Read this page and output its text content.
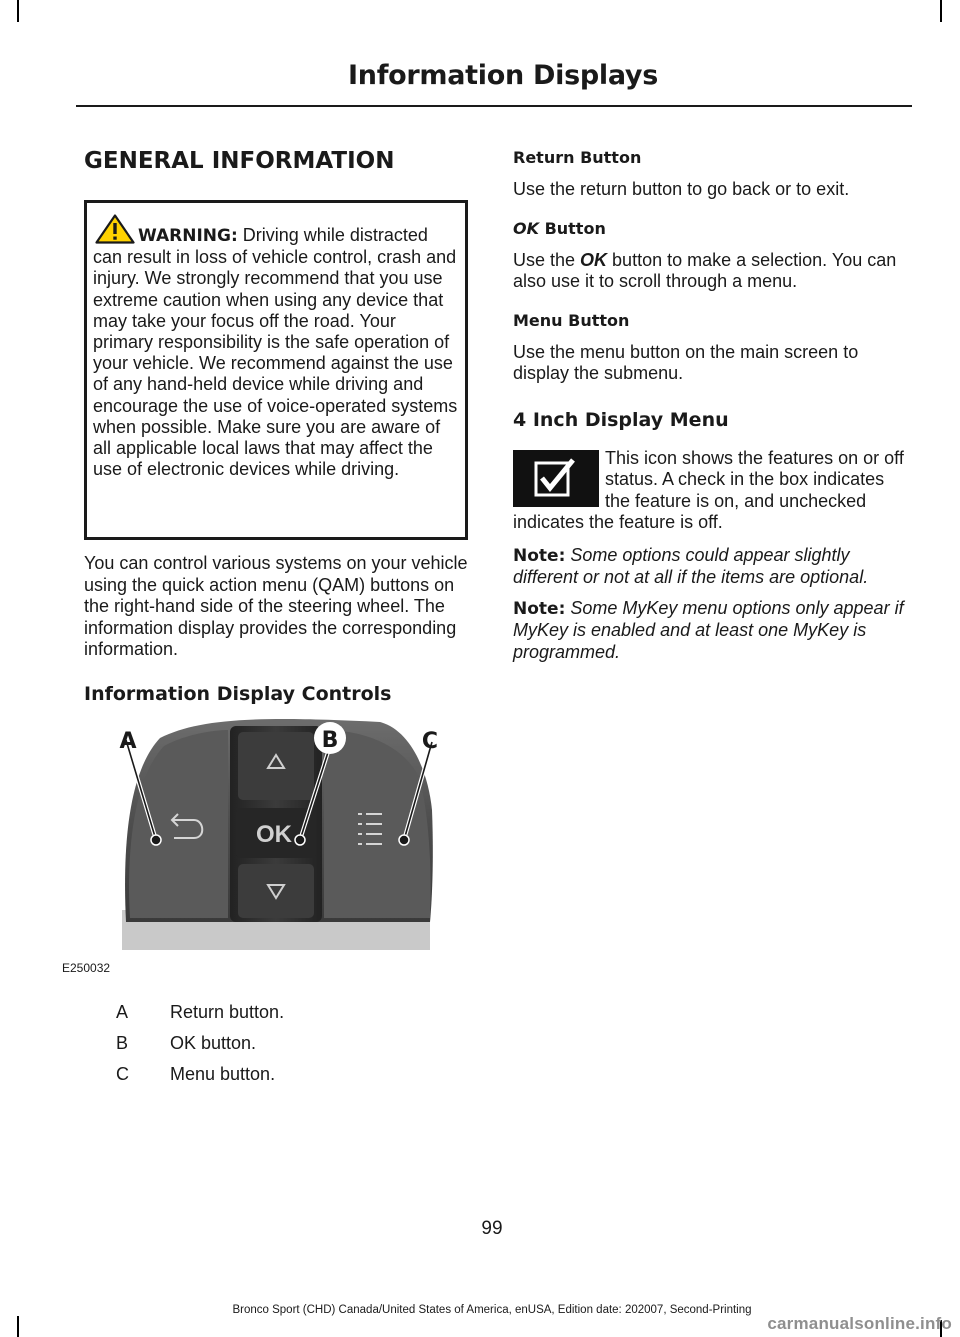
Information Displays
GENERAL INFORMATION

WARNING: Driving while distracted can result in loss of vehicle control, crash and injury. We strongly recommend that you use extreme caution when using any device that may take your focus off the road. Your primary responsibility is the safe operation of your vehicle. We recommend against the use of any hand-held device while driving and encourage the use of voice-operated systems when possible. Make sure you are aware of all applicable local laws that may affect the use of electronic devices while driving.

You can control various systems on your vehicle using the quick action menu (QAM) buttons on the right-hand side of the steering wheel. The information display provides the corresponding information.

Information Display Controls
OK
A	B	C
E250032
A	Return button.
B	OK button.
C	Menu button.
Return Button

Use the return button to go back or to exit.

OK Button

Use the OK button to make a selection. You can also use it to scroll through a menu.

Menu Button

Use the menu button on the main screen to display the submenu.

4 Inch Display Menu

This icon shows the features on or off status. A check in the box indicates the feature is on, and unchecked indicates the feature is off.

Note: Some options could appear slightly different or not at all if the items are optional.

Note: Some MyKey menu options only appear if MyKey is enabled and at least one MyKey is programmed.

99
Bronco Sport (CHD) Canada/United States of America, enUSA, Edition date: 202007, Second-Printing
carmanualsonline.info
